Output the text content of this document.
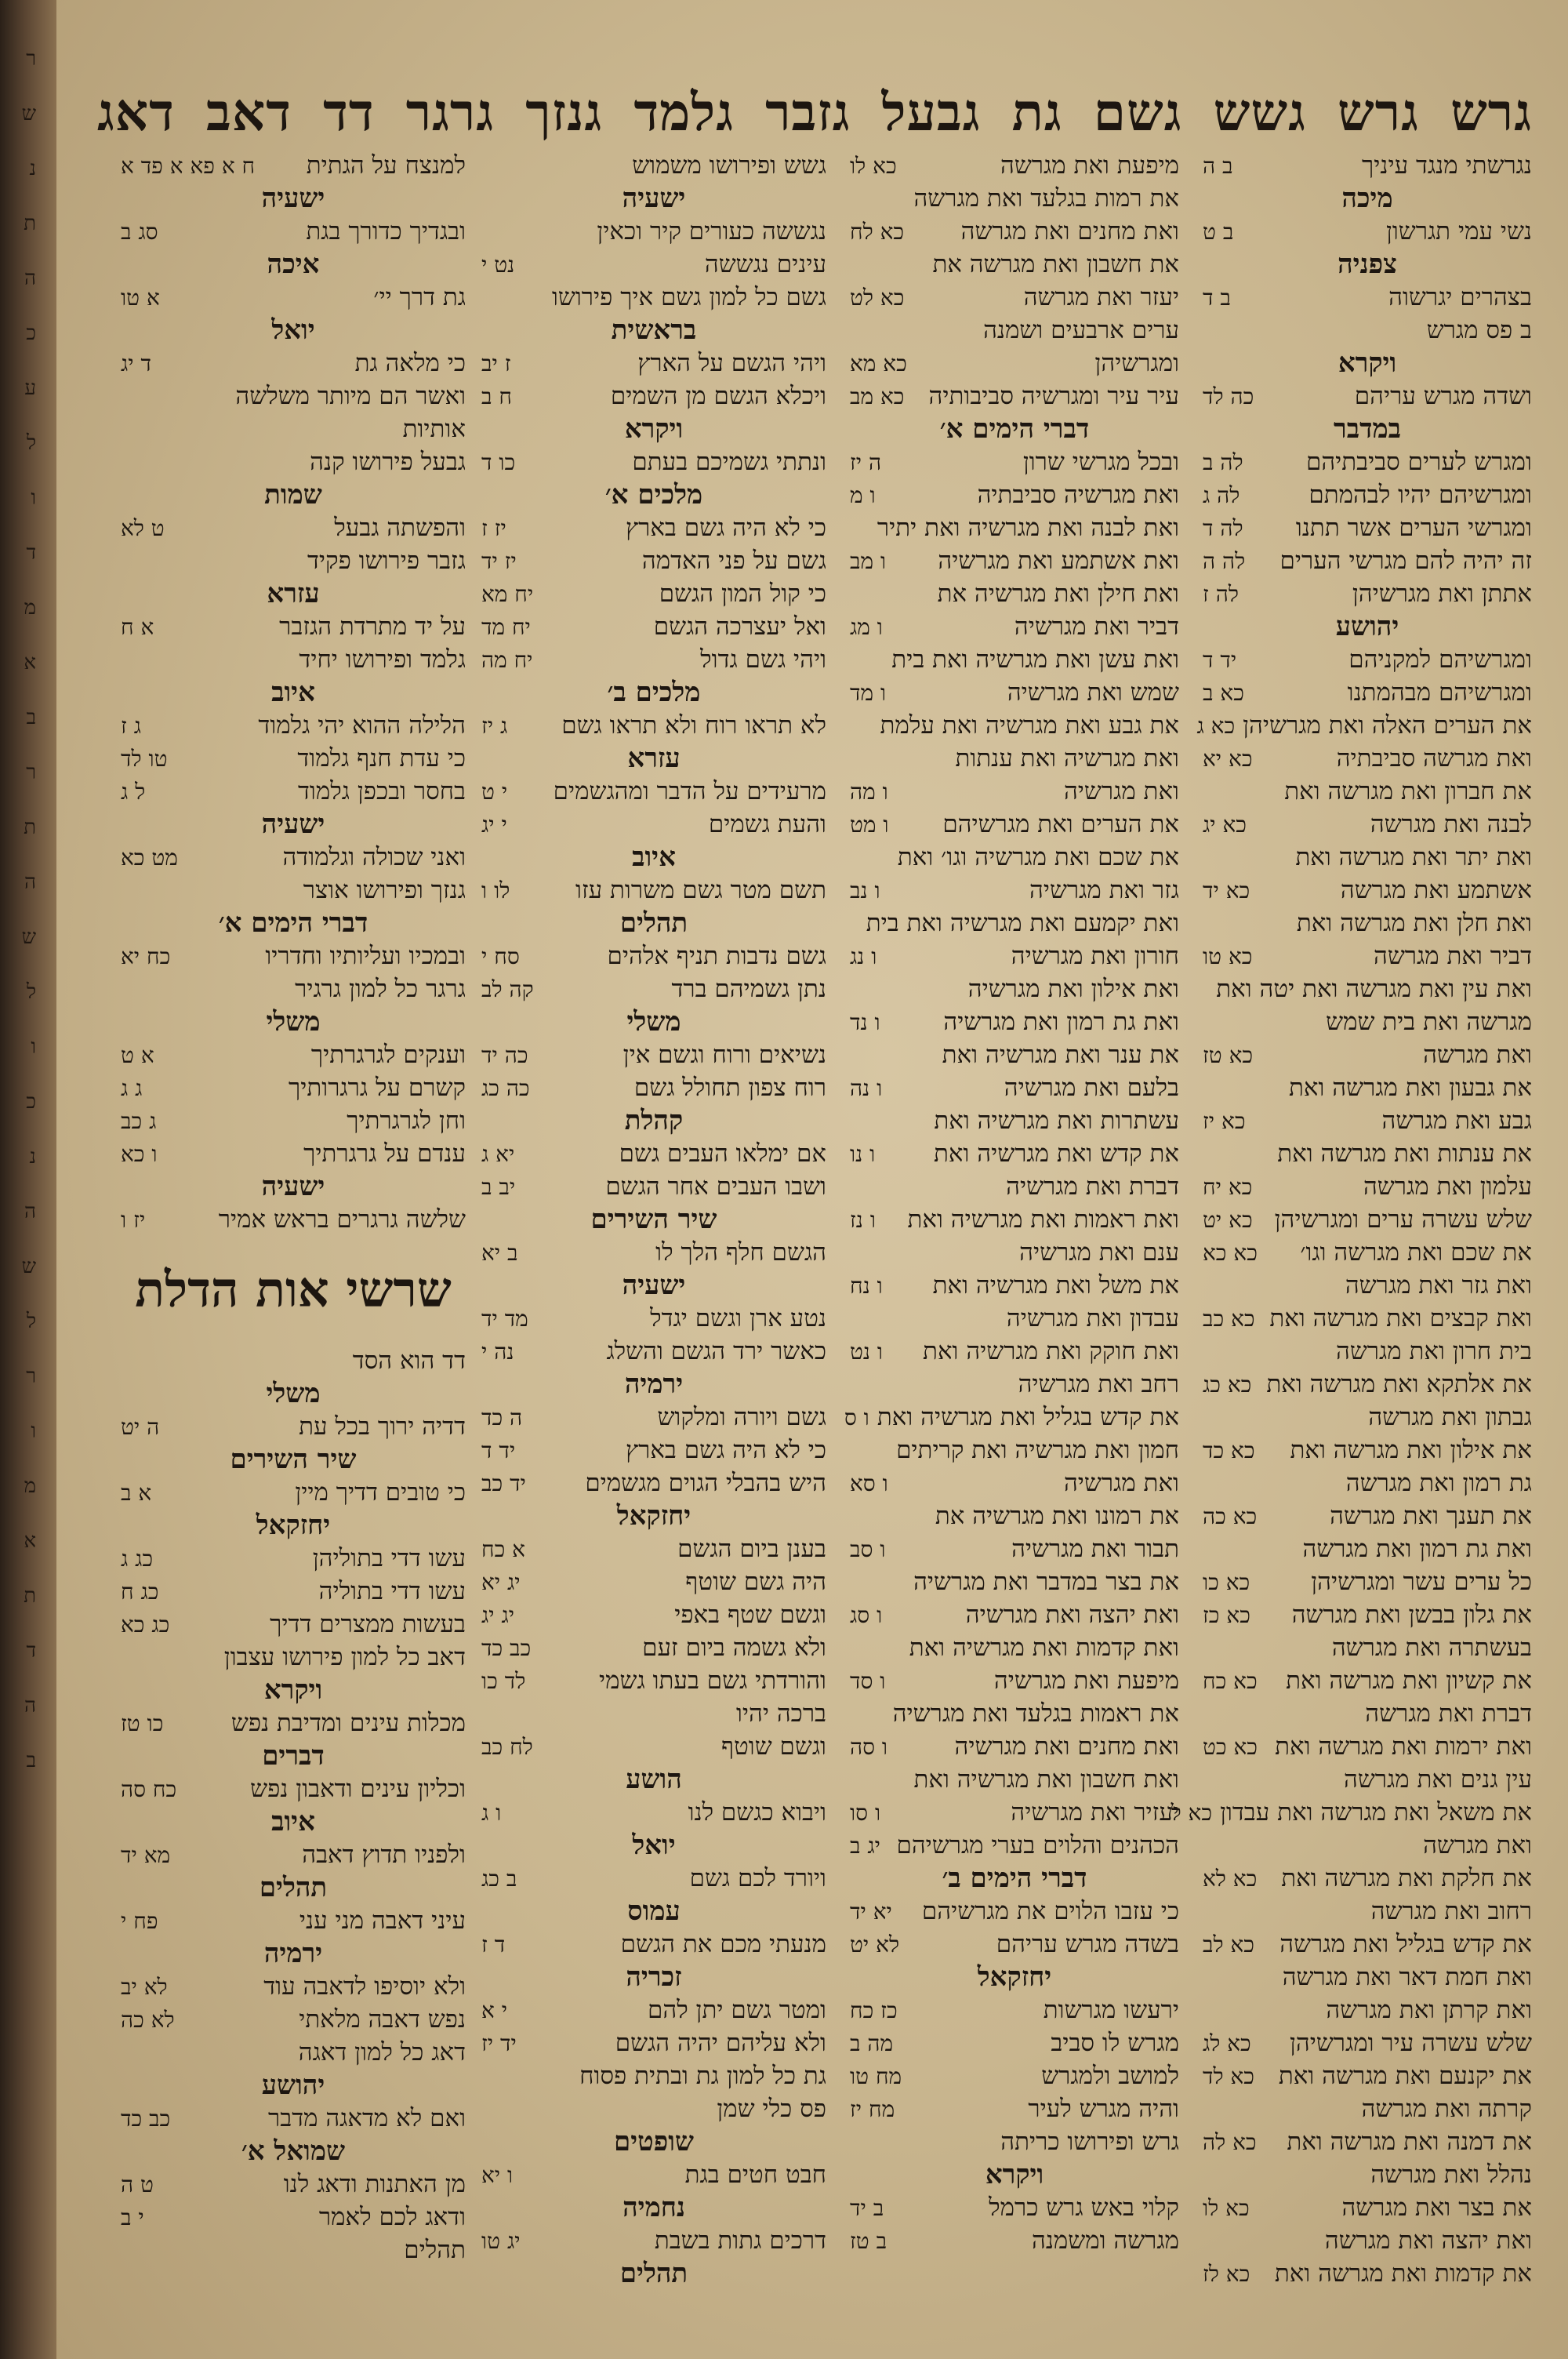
ר
ש
נ
ת
ה
כ
ע
ל
ו
ד
מ
א
ב
ר
ת
ה
ש
ל
ו
כ
נ
ה
ש
ל
ר
ו
מ
א
ת
ד
ה
ב
גרש
גרש
גשש
גשם
גת
גבעל
גזבר
גלמד
גנזך
גרגר
דד
דאב
דאג
נגרשתי מנגד עיניך
ב ה
מיכה
נשי עמי תגרשון
ב ט
צפניה
בצהרים יגרשוה
ב ד
ב פס מגרש
ויקרא
ושדה מגרש עריהם
כה לד
במדבר
ומגרש לערים סביבתיהם
לה ב
ומגרשיהם יהיו לבהמתם
לה ג
ומגרשי הערים אשר תתנו
לה ד
זה יהיה להם מגרשי הערים
לה ה
אתתן ואת מגרשיהן
לה ז
יהושע
ומגרשיהם למקניהם
יד ד
ומגרשיהם מבהמתנו
כא ב
את הערים האלה ואת מגרשיהן
כא ג
ואת מגרשה סביבתיה
כא יא
את חברון ואת מגרשה ואת
לבנה ואת מגרשה
כא יג
ואת יתר ואת מגרשה ואת
אשתמע ואת מגרשה
כא יד
ואת חלן ואת מגרשה ואת
דביר ואת מגרשה
כא טו
ואת עין ואת מגרשה ואת יטה ואת
מגרשה ואת בית שמש
ואת מגרשה
כא טז
את גבעון ואת מגרשה ואת
גבע ואת מגרשה
כא יז
את ענתות ואת מגרשה ואת
עלמון ואת מגרשה
כא יח
שלש עשרה ערים ומגרשיהן
כא יט
את שכם ואת מגרשה וגו׳
כא כא
ואת גזר ואת מגרשה
ואת קבצים ואת מגרשה ואת
כא כב
בית חרון ואת מגרשה
את אלתקא ואת מגרשה ואת
כא כג
גבתון ואת מגרשה
את אילון ואת מגרשה ואת
כא כד
גת רמון ואת מגרשה
את תענך ואת מגרשה
כא כה
ואת גת רמון ואת מגרשה
כל ערים עשר ומגרשיהן
כא כו
את גלון בבשן ואת מגרשה
כא כז
בעשתרה ואת מגרשה
את קשיון ואת מגרשה ואת
כא כח
דברת ואת מגרשה
ואת ירמות ואת מגרשה ואת
כא כט
עין גנים ואת מגרשה
את משאל ואת מגרשה ואת עבדון
כא ל
ואת מגרשה
את חלקת ואת מגרשה ואת
כא לא
רחוב ואת מגרשה
את קדש בגליל ואת מגרשה
כא לב
ואת חמת דאר ואת מגרשה
ואת קרתן ואת מגרשה
שלש עשרה עיר ומגרשיהן
כא לג
את יקנעם ואת מגרשה ואת
כא לד
קרתה ואת מגרשה
את דמנה ואת מגרשה ואת
כא לה
נהלל ואת מגרשה
את בצר ואת מגרשה
כא לו
ואת יהצה ואת מגרשה
את קדמות ואת מגרשה ואת
כא לז
מיפעת ואת מגרשה
כא לו
את רמות בגלעד ואת מגרשה
ואת מחנים ואת מגרשה
כא לח
את חשבון ואת מגרשה את
יעזר ואת מגרשה
כא לט
ערים ארבעים ושמנה
ומגרשיהן
כא מא
עיר עיר ומגרשיה סביבותיה
כא מב
דברי הימים א׳
ובכל מגרשי שרון
ה יז
ואת מגרשיה סביבתיה
ו מ
ואת לבנה ואת מגרשיה ואת יתיר
ואת אשתמע ואת מגרשיה
ו מב
ואת חילן ואת מגרשיה את
דביר ואת מגרשיה
ו מג
ואת עשן ואת מגרשיה ואת בית
שמש ואת מגרשיה
ו מד
את גבע ואת מגרשיה ואת עלמת
ואת מגרשיה ואת ענתות
ואת מגרשיה
ו מה
את הערים ואת מגרשיהם
ו מט
את שכם ואת מגרשיה וגו׳ ואת
גזר ואת מגרשיה
ו נב
ואת יקמעם ואת מגרשיה ואת בית
חורון ואת מגרשיה
ו נג
ואת אילון ואת מגרשיה
ואת גת רמון ואת מגרשיה
ו נד
את ענר ואת מגרשיה ואת
בלעם ואת מגרשיה
ו נה
עשתרות ואת מגרשיה ואת
את קדש ואת מגרשיה ואת
ו נו
דברת ואת מגרשיה
ואת ראמות ואת מגרשיה ואת
ו נז
ענם ואת מגרשיה
את משל ואת מגרשיה ואת
ו נח
עבדון ואת מגרשיה
ואת חוקק ואת מגרשיה ואת
ו נט
רחב ואת מגרשיה
את קדש בגליל ואת מגרשיה ואת
ו ס
חמון ואת מגרשיה ואת קריתים
ואת מגרשיה
ו סא
את רמונו ואת מגרשיה את
תבור ואת מגרשיה
ו סב
את בצר במדבר ואת מגרשיה
ואת יהצה ואת מגרשיה
ו סג
ואת קדמות ואת מגרשיה ואת
מיפעת ואת מגרשיה
ו סד
את ראמות בגלעד ואת מגרשיה
ואת מחנים ואת מגרשיה
ו סה
ואת חשבון ואת מגרשיה ואת
יעזיר ואת מגרשיה
ו סו
הכהנים והלוים בערי מגרשיהם
יג ב
דברי הימים ב׳
כי עזבו הלוים את מגרשיהם
יא יד
בשדה מגרש עריהם
לא יט
יחזקאל
ירעשו מגרשות
כז כח
מגרש לו סביב
מה ב
למושב ולמגרש
מח טו
והיה מגרש לעיר
מח יז
גרש ופירושו כריתה
ויקרא
קלוי באש גרש כרמל
ב יד
מגרשה ומשמנה
ב טז
גשש ופירושו משמוש
ישעיה
נגששה כעורים קיר וכאין
עינים נגששה
נט י
גשם כל למון גשם איך פירושו
בראשית
ויהי הגשם על הארץ
ז יב
ויכלא הגשם מן השמים
ח ב
ויקרא
ונתתי גשמיכם בעתם
כו ד
מלכים א׳
כי לא היה גשם בארץ
יז ז
גשם על פני האדמה
יז יד
כי קול המון הגשם
יח מא
ואל יעצרכה הגשם
יח מד
ויהי גשם גדול
יח מה
מלכים ב׳
לא תראו רוח ולא תראו גשם
ג יז
עזרא
מרעידים על הדבר ומהגשמים
י ט
והעת גשמים
י יג
איוב
תשם מטר גשם משרות עזו
לו ו
תהלים
גשם נדבות תניף אלהים
סח י
נתן גשמיהם ברד
קה לב
משלי
נשיאים ורוח וגשם אין
כה יד
רוח צפון תחולל גשם
כה כג
קהלת
אם ימלאו העבים גשם
יא ג
ושבו העבים אחר הגשם
יב ב
שיר השירים
הגשם חלף הלך לו
ב יא
ישעיה
נטע ארן וגשם יגדל
מד יד
כאשר ירד הגשם והשלג
נה י
ירמיה
גשם ויורה ומלקוש
ה כד
כי לא היה גשם בארץ
יד ד
היש בהבלי הגוים מגשמים
יד כב
יחזקאל
בענן ביום הגשם
א כח
היה גשם שוטף
יג יא
וגשם שטף באפי
יג יג
ולא גשמה ביום זעם
כב כד
והורדתי גשם בעתו גשמי
לד כו
ברכה יהיו
וגשם שוטף
לח כב
הושע
ויבוא כגשם לנו
ו ג
יואל
ויורד לכם גשם
ב כג
עמוס
מנעתי מכם את הגשם
ד ז
זכריה
ומטר גשם יתן להם
י א
ולא עליהם יהיה הגשם
יד יז
גת כל למון גת ובתית פסוח
פס כלי שמן
שופטים
חבט חטים בגת
ו יא
נחמיה
דרכים גתות בשבת
יג טו
תהלים
למנצח על הגתית
ח א פא א פד א
ישעיה
ובגדיך כדורך בגת
סג ב
איכה
גת דרך יי׳
א טו
יואל
כי מלאה גת
ד יג
ואשר הם מיותר משלשה
אותיות
גבעל פירושו קנה
שמות
והפשתה גבעל
ט לא
גזבר פירושו פקיד
עזרא
על יד מתרדת הגזבר
א ח
גלמד ופירושו יחיד
איוב
הלילה ההוא יהי גלמוד
ג ז
כי עדת חנף גלמוד
טו לד
בחסר ובכפן גלמוד
ל ג
ישעיה
ואני שכולה וגלמודה
מט כא
גנזך ופירושו אוצר
דברי הימים א׳
ובמכיו ועליותיו וחדריו
כח יא
גרגר כל למון גרגיר
משלי
וענקים לגרגרתיך
א ט
קשרם על גרגרותיך
ג ג
וחן לגרגרתיך
ג כב
ענדם על גרגרתיך
ו כא
ישעיה
שלשה גרגרים בראש אמיר
יז ו
שרשי אות הדלת
דד הוא הסד
משלי
דדיה ירוך בכל עת
ה יט
שיר השירים
כי טובים דדיך מיין
א ב
יחזקאל
עשו דדי בתוליהן
כג ג
עשו דדי בתוליה
כג ח
בעשות ממצרים דדיך
כג כא
דאב כל למון פירושו עצבון
ויקרא
מכלות עינים ומדיבת נפש
כו טז
דברים
וכליון עינים ודאבון נפש
כח סה
איוב
ולפניו תדוץ דאבה
מא יד
תהלים
עיני דאבה מני עני
פח י
ירמיה
ולא יוסיפו לדאבה עוד
לא יב
נפש דאבה מלאתי
לא כה
דאג כל למון דאגה
יהושע
ואם לא מדאגה מדבר
כב כד
שמואל א׳
מן האתנות ודאג לנו
ט ה
ודאג לכם לאמר
י ב
תהלים
